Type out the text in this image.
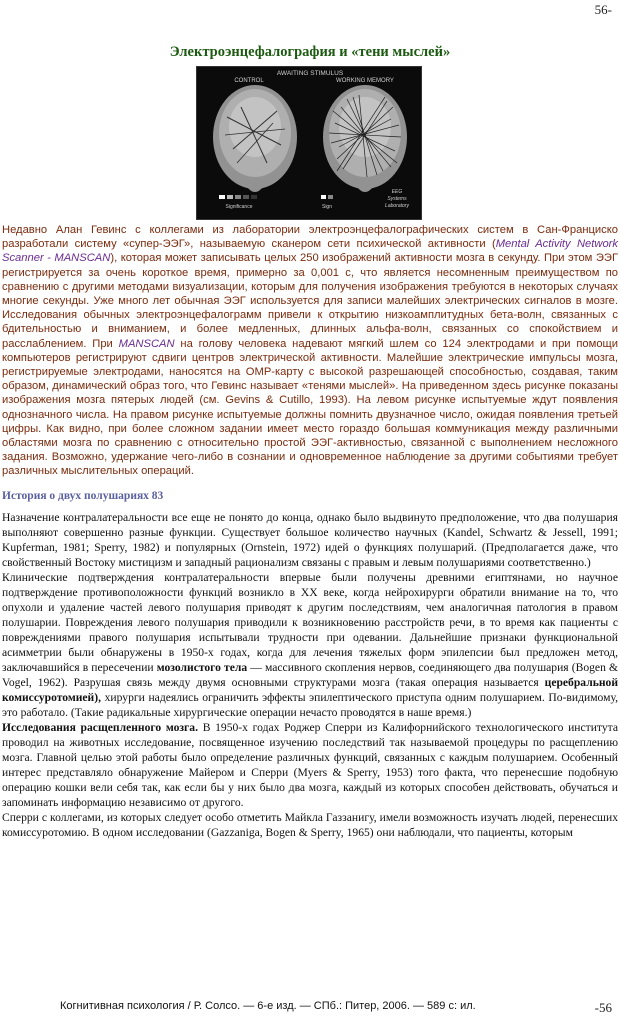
56-
Электроэнцефалография и «тени мыслей»
AWAITING STIMULUS
CONTROL	WORKING MEMORY
Significance	Sign
EEG
Systems
Laboratory

Недавно Алан Гевинс с коллегами из лаборатории электроэнцефалографических систем в Сан-Франциско разработали систему «супер-ЭЭГ», называемую сканером сети психической активности (Mental Activity Network Scanner - MANSCAN), которая может записывать целых 250 изображений активности мозга в секунду. При этом ЭЭГ регистрируется за очень короткое время, примерно за 0,001 с, что является несомненным преимуществом по сравнению с другими методами визуализации, которым для получения изображения требуются в некоторых случаях многие секунды. Уже много лет обычная ЭЭГ используется для записи малейших электрических сигналов в мозге. Исследования обычных электроэнцефалограмм привели к открытию низкоамплитудных бета-волн, связанных с бдительностью и вниманием, и более медленных, длинных альфа-волн, связанных со спокойствием и расслаблением. При MANSCAN на голову человека надевают мягкий шлем со 124 электродами и при помощи компьютеров регистрируют сдвиги центров электрической активности. Малейшие электрические импульсы мозга, регистрируемые электродами, наносятся на ОМР-карту с высокой разрешающей способностью, создавая, таким образом, динамический образ того, что Гевинс называет «тенями мыслей». На приведенном здесь рисунке показаны изображения мозга пятерых людей (см. Gevins & Cutillo, 1993). На левом рисунке испытуемые ждут появления однозначного числа. На правом рисунке испытуемые должны помнить двузначное число, ожидая появления третьей цифры. Как видно, при более сложном задании имеет место гораздо большая коммуникация между различными областями мозга по сравнению с относительно простой ЭЭГ-активностью, связанной с выполнением несложного задания. Возможно, удержание чего-либо в сознании и одновременное наблюдение за другими событиями требует различных мыслительных операций.

История о двух полушариях 83

Назначение контралатеральности все еще не понято до конца, однако было выдвинуто предположение, что два полушария выполняют совершенно разные функции. Существует большое количество научных (Kandel, Schwartz & Jessell, 1991; Kupferman, 1981; Sperry, 1982) и популярных (Ornstein, 1972) идей о функциях полушарий. (Предполагается даже, что свойственный Востоку мистицизм и западный рационализм связаны с правым и левым полушариями соответственно.)

Клинические подтверждения контралатеральности впервые были получены древними египтянами, но научное подтверждение противоположности функций возникло в XX веке, когда нейрохирурги обратили внимание на то, что опухоли и удаление частей левого полушария приводят к другим последствиям, чем аналогичная патология в правом полушарии. Повреждения левого полушария приводили к возникновению расстройств речи, в то время как пациенты с повреждениями правого полушария испытывали трудности при одевании. Дальнейшие признаки функциональной асимметрии были обнаружены в 1950-х годах, когда для лечения тяжелых форм эпилепсии был предложен метод, заключавшийся в пересечении мозолистого тела — массивного скопления нервов, соединяющего два полушария (Bogen & Vogel, 1962). Разрушая связь между двумя основными структурами мозга (такая операция называется церебральной комиссуротомией), хирурги надеялись ограничить эффекты эпилептического приступа одним полушарием. По-видимому, это работало. (Такие радикальные хирургические операции нечасто проводятся в наше время.)

Исследования расщепленного мозга. В 1950-х годах Роджер Сперри из Калифорнийского технологического института проводил на животных исследование, посвященное изучению последствий так называемой процедуры по расщеплению мозга. Главной целью этой работы было определение различных функций, связанных с каждым полушарием. Особенный интерес представляло обнаружение Майером и Сперри (Myers & Sperry, 1953) того факта, что перенесшие подобную операцию кошки вели себя так, как если бы у них было два мозга, каждый из которых способен действовать, обучаться и запоминать информацию независимо от другого.

Сперри с коллегами, из которых следует особо отметить Майкла Газзанигу, имели возможность изучать людей, перенесших комиссуротомию. В одном исследовании (Gazzaniga, Bogen & Sperry, 1965) они наблюдали, что пациенты, которым

Когнитивная психология / Р. Солсо. — 6-е изд. — СПб.: Питер, 2006. — 589 с: ил.	-56
